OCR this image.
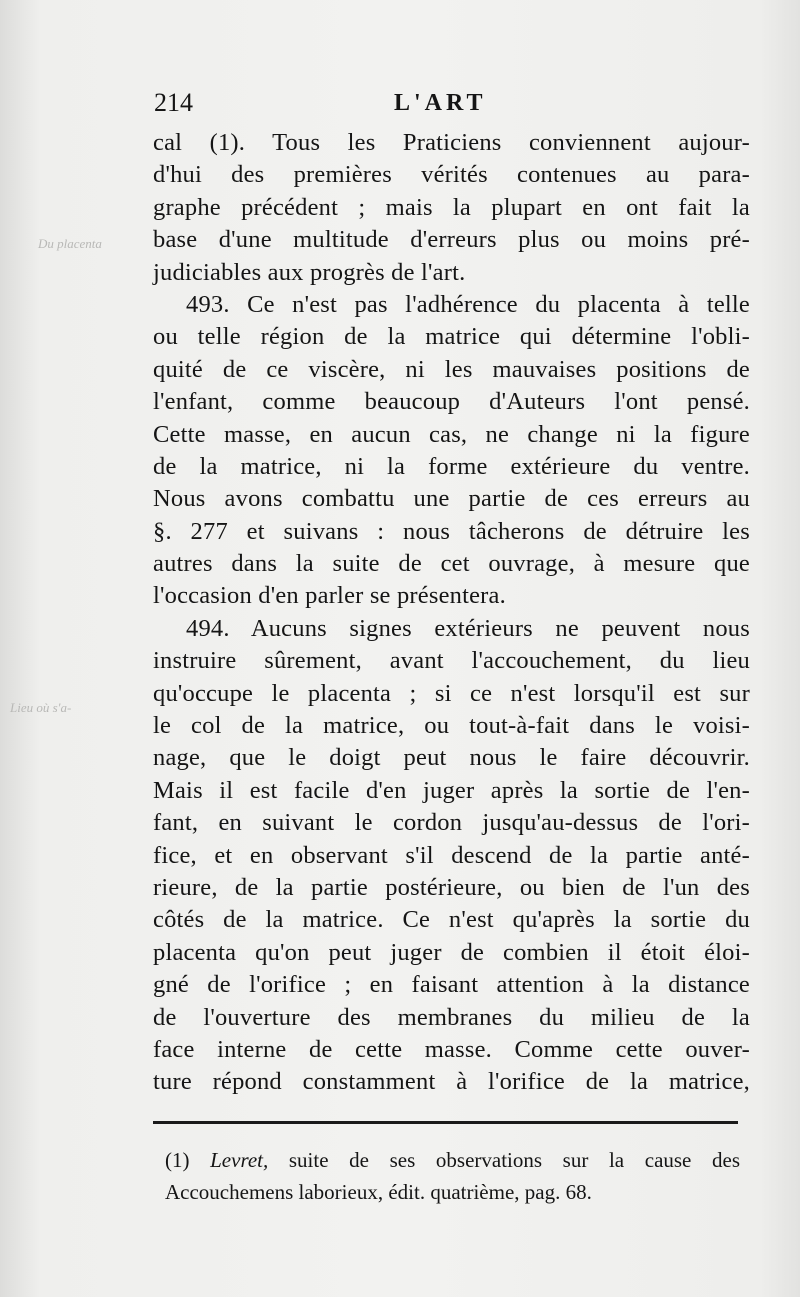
214	L'ART
cal (1). Tous les Praticiens conviennent aujour-
d'hui des premières vérités contenues au para-
graphe précédent ; mais la plupart en ont fait la
base d'une multitude d'erreurs plus ou moins pré-
judiciables aux progrès de l'art.
493. Ce n'est pas l'adhérence du placenta à telle
ou telle région de la matrice qui détermine l'obli-
quité de ce viscère, ni les mauvaises positions de
l'enfant, comme beaucoup d'Auteurs l'ont pensé.
Cette masse, en aucun cas, ne change ni la figure
de la matrice, ni la forme extérieure du ventre.
Nous avons combattu une partie de ces erreurs au
§. 277 et suivans : nous tâcherons de détruire les
autres dans la suite de cet ouvrage, à mesure que
l'occasion d'en parler se présentera.
494. Aucuns signes extérieurs ne peuvent nous
instruire sûrement, avant l'accouchement, du lieu
qu'occupe le placenta ; si ce n'est lorsqu'il est sur
le col de la matrice, ou tout-à-fait dans le voisi-
nage, que le doigt peut nous le faire découvrir.
Mais il est facile d'en juger après la sortie de l'en-
fant, en suivant le cordon jusqu'au-dessus de l'ori-
fice, et en observant s'il descend de la partie anté-
rieure, de la partie postérieure, ou bien de l'un des
côtés de la matrice. Ce n'est qu'après la sortie du
placenta qu'on peut juger de combien il étoit éloi-
gné de l'orifice ; en faisant attention à la distance
de l'ouverture des membranes du milieu de la
face interne de cette masse. Comme cette ouver-
ture répond constamment à l'orifice de la matrice,
(1) Levret, suite de ses observations sur la cause des
Accouchemens laborieux, édit. quatrième, pag. 68.
Du placenta
Lieu où s'a-
